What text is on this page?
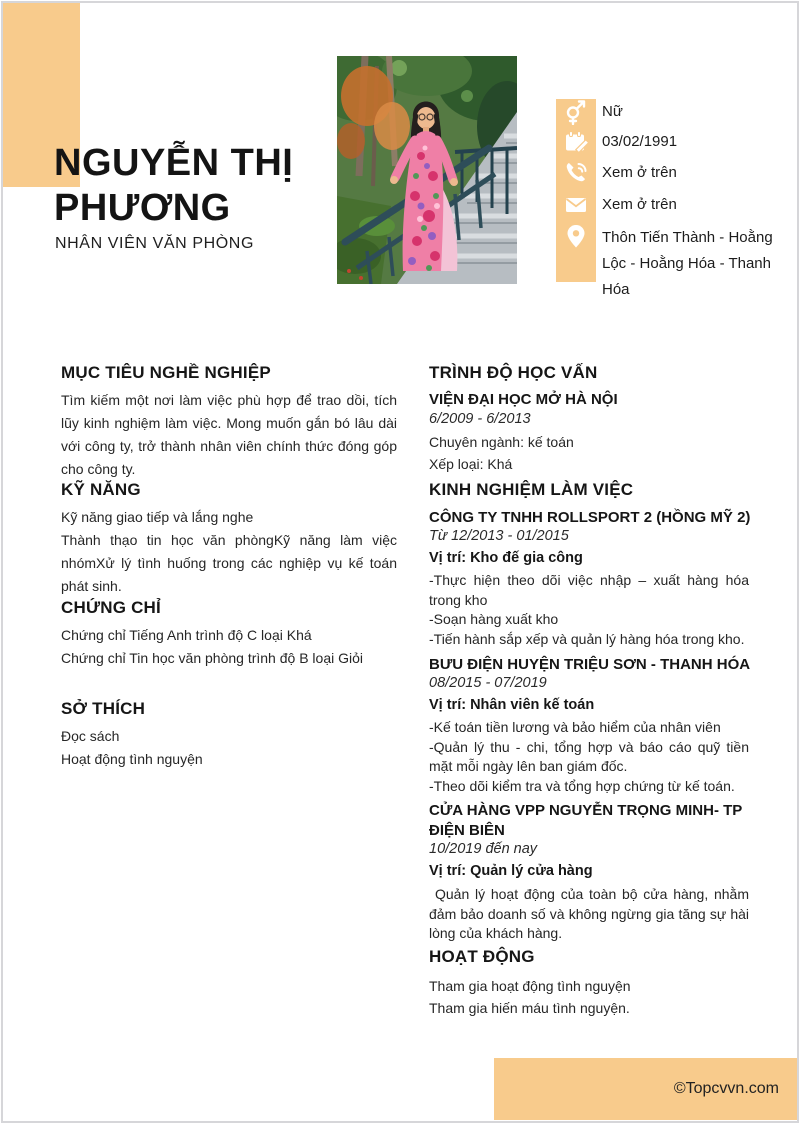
NGUYỄN THỊ PHƯƠNG
NHÂN VIÊN VĂN PHÒNG
Nữ
03/02/1991
Xem ở trên
Xem ở trên
Thôn Tiến Thành - Hoằng Lộc - Hoằng Hóa - Thanh Hóa
MỤC TIÊU NGHỀ NGHIỆP
Tìm kiếm một nơi làm việc phù hợp để trao dồi, tích lũy kinh nghiệm làm việc. Mong muốn gắn bó lâu dài với công ty, trở thành nhân viên chính thức đóng góp cho công ty.
KỸ NĂNG
Kỹ năng giao tiếp và lắng nghe
Thành thạo tin học văn phòngKỹ năng làm việc nhómXử lý tình huống trong các nghiệp vụ kế toán phát sinh.
CHỨNG CHỈ
Chứng chỉ Tiếng Anh trình độ C loại Khá
Chứng chỉ Tin học văn phòng trình độ B loại Giỏi
SỞ THÍCH
Đọc sách
Hoạt động tình nguyện
TRÌNH ĐỘ HỌC VẤN
VIỆN ĐẠI HỌC MỞ HÀ NỘI
6/2009 - 6/2013
Chuyên ngành: kế toán
Xếp loại: Khá
KINH NGHIỆM LÀM VIỆC
CÔNG TY TNHH ROLLSPORT 2 (HỒNG MỸ 2)
Từ 12/2013 - 01/2015
Vị trí: Kho đế gia công
-Thực hiện theo dõi việc nhập – xuất hàng hóa trong kho
-Soạn hàng xuất kho
-Tiến hành sắp xếp và quản lý hàng hóa trong kho.
BƯU ĐIỆN HUYỆN TRIỆU SƠN - THANH HÓA
08/2015 - 07/2019
Vị trí: Nhân viên kế toán
-Kế toán tiền lương và bảo hiểm của nhân viên
-Quản lý thu - chi, tổng hợp và báo cáo quỹ tiền mặt mỗi ngày lên ban giám đốc.
-Theo dõi kiểm tra và tổng hợp chứng từ kế toán.
CỬA HÀNG VPP NGUYỄN TRỌNG MINH- TP ĐIỆN BIÊN
10/2019 đến nay
Vị trí: Quản lý cửa hàng
Quản lý hoạt động của toàn bộ cửa hàng, nhằm đảm bảo doanh số và không ngừng gia tăng sự hài lòng của khách hàng.
HOẠT ĐỘNG
Tham gia hoạt động tình nguyện
Tham gia hiến máu tình nguyện.
©Topcvvn.com
